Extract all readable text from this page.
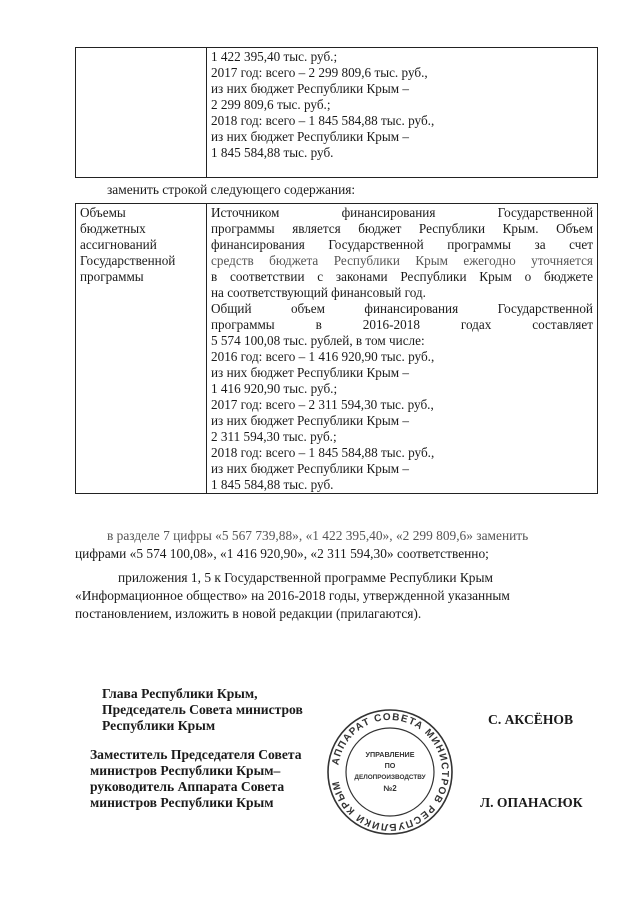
1 422 395,40 тыс. руб.;
2017 год: всего – 2 299 809,6 тыс. руб.,
из них бюджет Республики Крым –
2 299 809,6 тыс. руб.;
2018 год: всего – 1 845 584,88 тыс. руб.,
из них бюджет Республики Крым –
1 845 584,88 тыс. руб.
заменить строкой следующего содержания:
Объемы
бюджетных
ассигнований
Государственной
программы

Источником финансирования Государственной
программы является бюджет Республики Крым. Объем
финансирования Государственной программы за счет
средств бюджета Республики Крым ежегодно уточняется
в соответствии с законами Республики Крым о бюджете
на соответствующий финансовый год.
Общий объем финансирования Государственной
программы в 2016-2018 годах составляет
5 574 100,08 тыс. рублей, в том числе:
2016 год: всего – 1 416 920,90 тыс. руб.,
из них бюджет Республики Крым –
1 416 920,90 тыс. руб.;
2017 год: всего – 2 311 594,30 тыс. руб.,
из них бюджет Республики Крым –
2 311 594,30 тыс. руб.;
2018 год: всего – 1 845 584,88 тыс. руб.,
из них бюджет Республики Крым –
1 845 584,88 тыс. руб.
в разделе 7 цифры «5 567 739,88», «1 422 395,40», «2 299 809,6» заменить
цифрами «5 574 100,08», «1 416 920,90», «2 311 594,30» соответственно;
приложения 1, 5 к Государственной программе Республики Крым
«Информационное общество» на 2016-2018 годы, утвержденной указанным
постановлением, изложить в новой редакции (прилагаются).
Глава Республики Крым,
Председатель Совета министров
Республики Крым	С. АКСЁНОВ
Заместитель Председателя Совета
министров Республики Крым–
руководитель Аппарата Совета
министров Республики Крым	Л. ОПАНАСЮК
АППАРАТ СОВЕТА МИНИСТРОВ РЕСПУБЛИКИ КРЫМ
УПРАВЛЕНИЕ
ПО
ДЕЛОПРОИЗВОДСТВУ
№2
